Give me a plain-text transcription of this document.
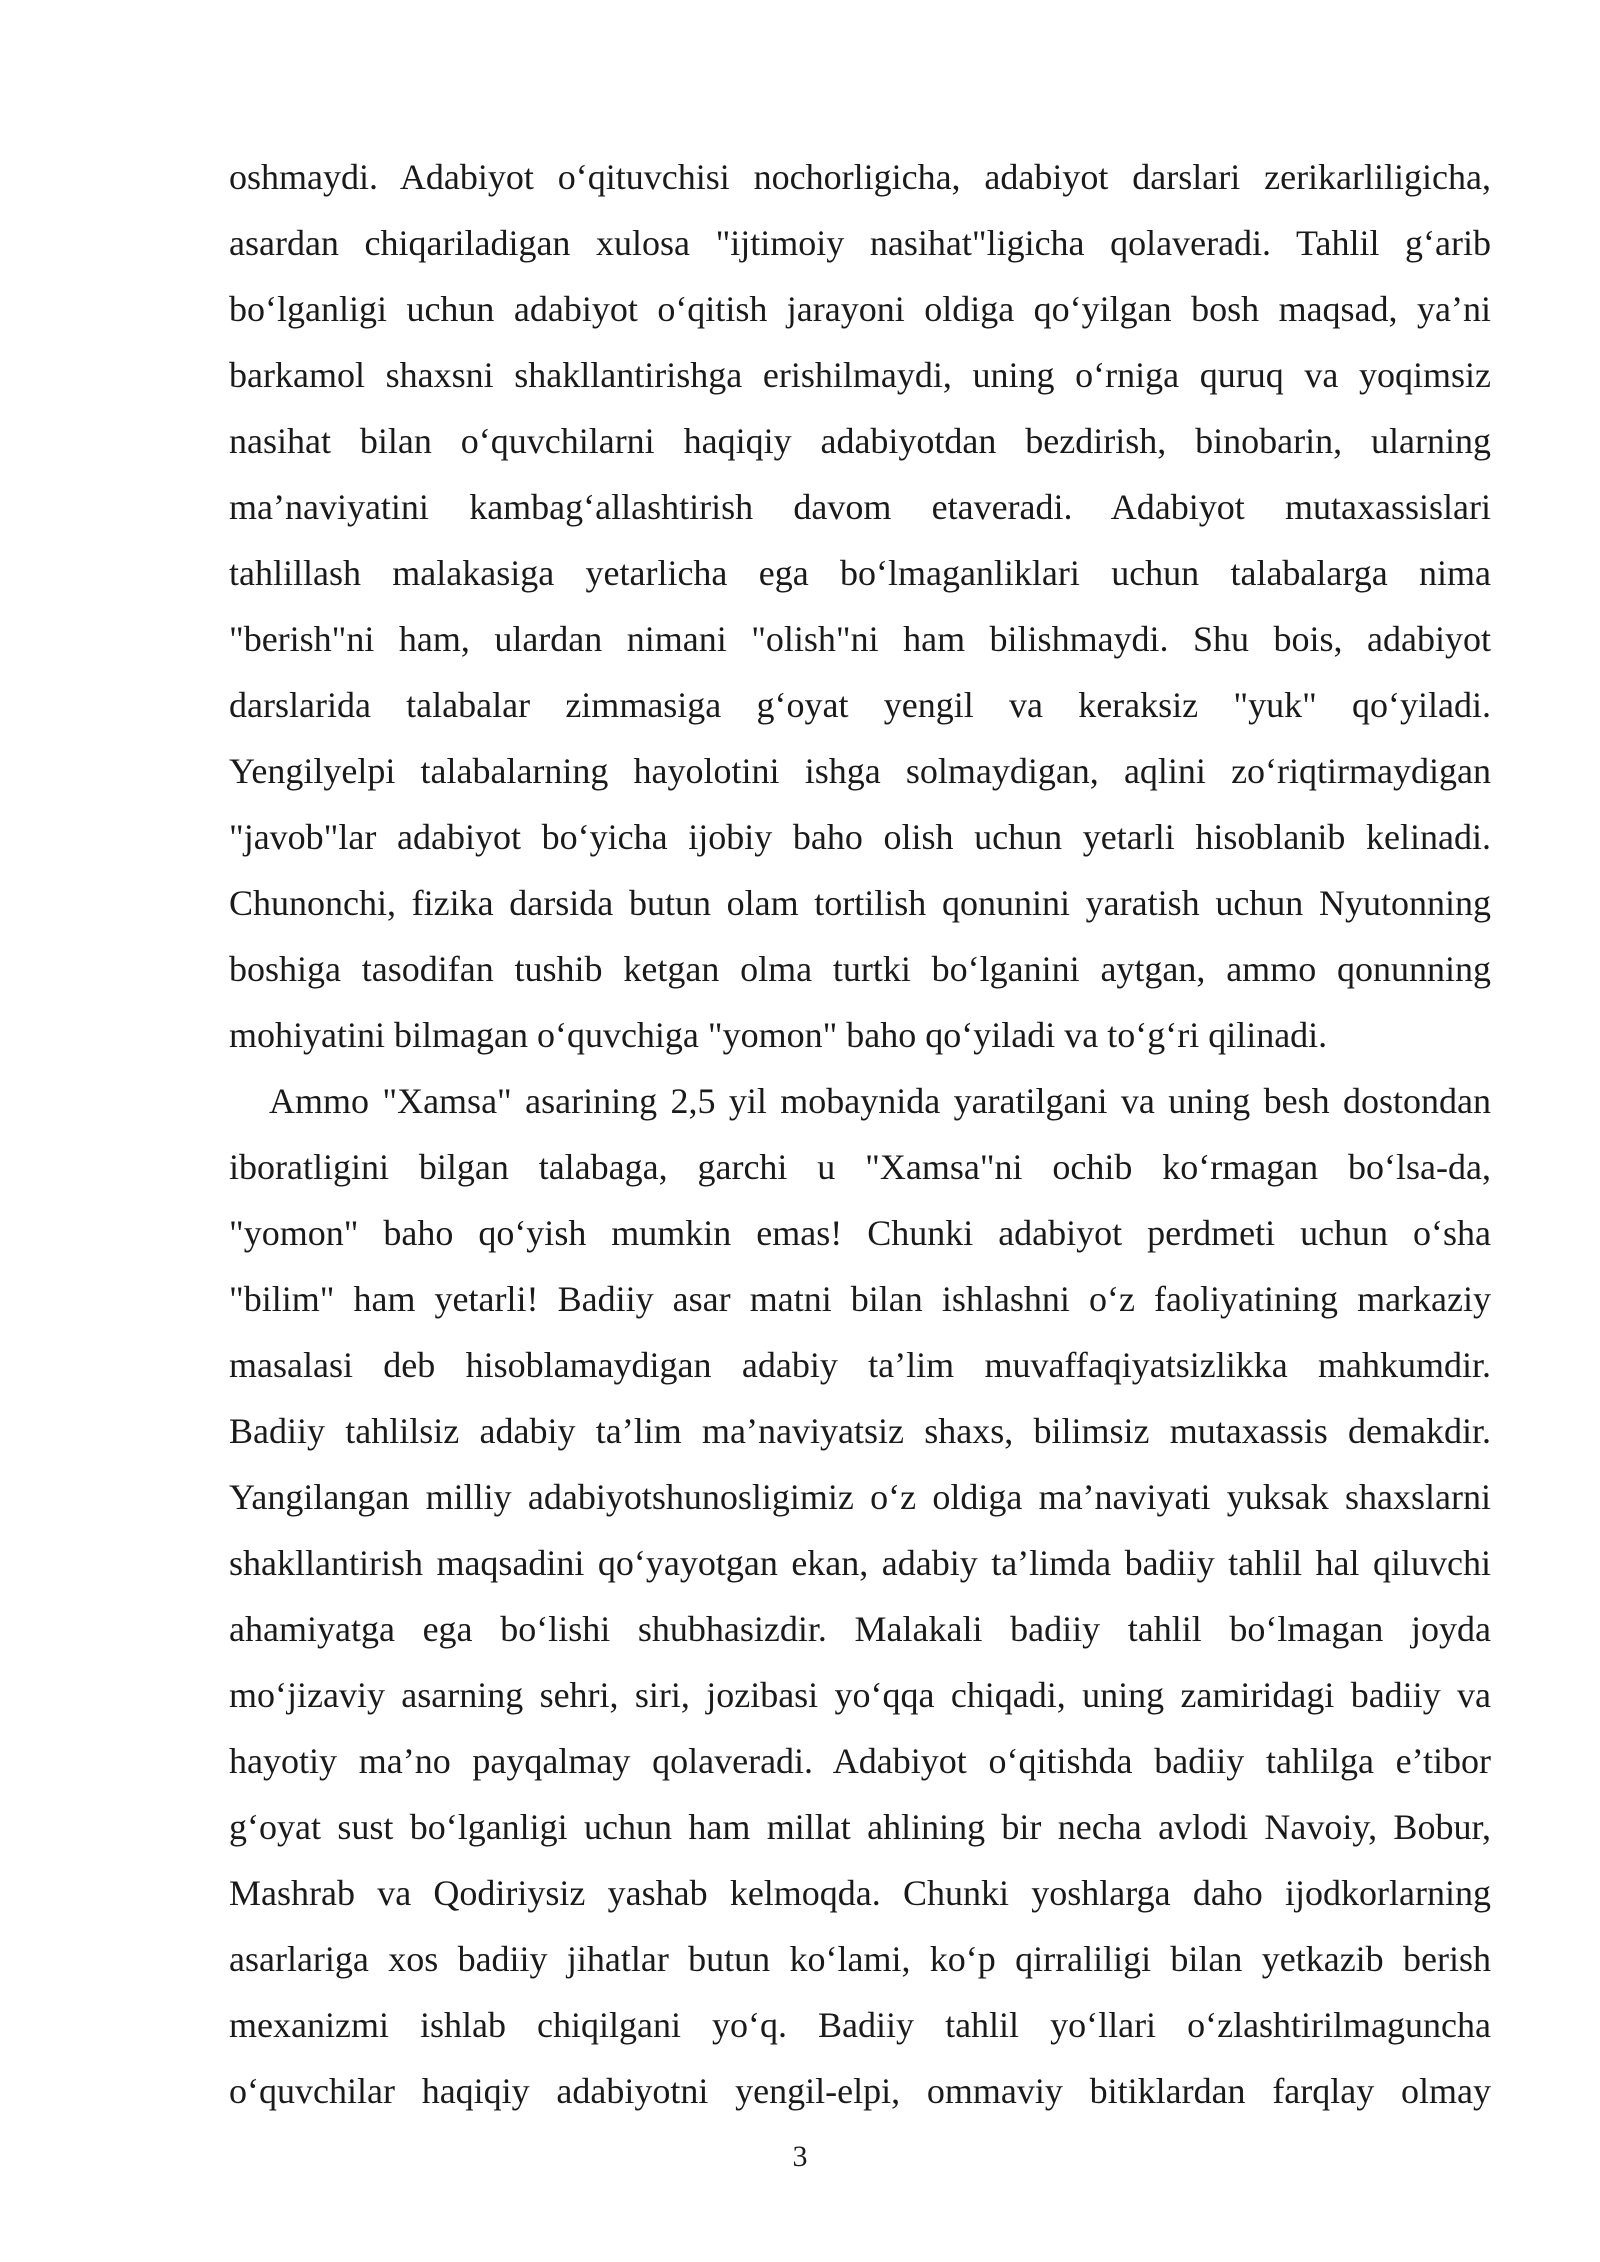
oshmaydi. Adabiyot o‘qituvchisi nochorligicha, adabiyot darslari zerikarliligicha,
asardan chiqariladigan xulosa "ijtimoiy nasihat"ligicha qolaveradi. Tahlil g‘arib
bo‘lganligi uchun adabiyot o‘qitish jarayoni oldiga qo‘yilgan bosh maqsad, ya’ni
barkamol shaxsni shakllantirishga erishilmaydi, uning o‘rniga quruq va yoqimsiz
nasihat bilan o‘quvchilarni haqiqiy adabiyotdan bezdirish, binobarin, ularning
ma’naviyatini kambag‘allashtirish davom etaveradi. Adabiyot mutaxassislari
tahlillash malakasiga yetarlicha ega bo‘lmaganliklari uchun talabalarga nima
"berish"ni ham, ulardan nimani "olish"ni ham bilishmaydi. Shu bois, adabiyot
darslarida talabalar zimmasiga g‘oyat yengil va keraksiz "yuk" qo‘yiladi.
Yengilyelpi talabalarning hayolotini ishga solmaydigan, aqlini zo‘riqtirmaydigan
"javob"lar adabiyot bo‘yicha ijobiy baho olish uchun yetarli hisoblanib kelinadi.
Chunonchi, fizika darsida butun olam tortilish qonunini yaratish uchun Nyutonning
boshiga tasodifan tushib ketgan olma turtki bo‘lganini aytgan, ammo qonunning
mohiyatini bilmagan o‘quvchiga "yomon" baho qo‘yiladi va to‘g‘ri qilinadi.
Ammo "Xamsa" asarining 2,5 yil mobaynida yaratilgani va uning besh dostondan
iboratligini bilgan talabaga, garchi u "Xamsa"ni ochib ko‘rmagan bo‘lsa-da,
"yomon" baho qo‘yish mumkin emas! Chunki adabiyot perdmeti uchun o‘sha
"bilim" ham yetarli! Badiiy asar matni bilan ishlashni o‘z faoliyatining markaziy
masalasi deb hisoblamaydigan adabiy ta’lim muvaffaqiyatsizlikka mahkumdir.
Badiiy tahlilsiz adabiy ta’lim ma’naviyatsiz shaxs, bilimsiz mutaxassis demakdir.
Yangilangan milliy adabiyotshunosligimiz o‘z oldiga ma’naviyati yuksak shaxslarni
shakllantirish maqsadini qo‘yayotgan ekan, adabiy ta’limda badiiy tahlil hal qiluvchi
ahamiyatga ega bo‘lishi shubhasizdir. Malakali badiiy tahlil bo‘lmagan joyda
mo‘jizaviy asarning sehri, siri, jozibasi yo‘qqa chiqadi, uning zamiridagi badiiy va
hayotiy ma’no payqalmay qolaveradi. Adabiyot o‘qitishda badiiy tahlilga e’tibor
g‘oyat sust bo‘lganligi uchun ham millat ahlining bir necha avlodi Navoiy, Bobur,
Mashrab va Qodiriysiz yashab kelmoqda. Chunki yoshlarga daho ijodkorlarning
asarlariga xos badiiy jihatlar butun ko‘lami, ko‘p qirraliligi bilan yetkazib berish
mexanizmi ishlab chiqilgani yo‘q. Badiiy tahlil yo‘llari o‘zlashtirilmaguncha
o‘quvchilar haqiqiy adabiyotni yengil-elpi, ommaviy bitiklardan farqlay olmay
3
